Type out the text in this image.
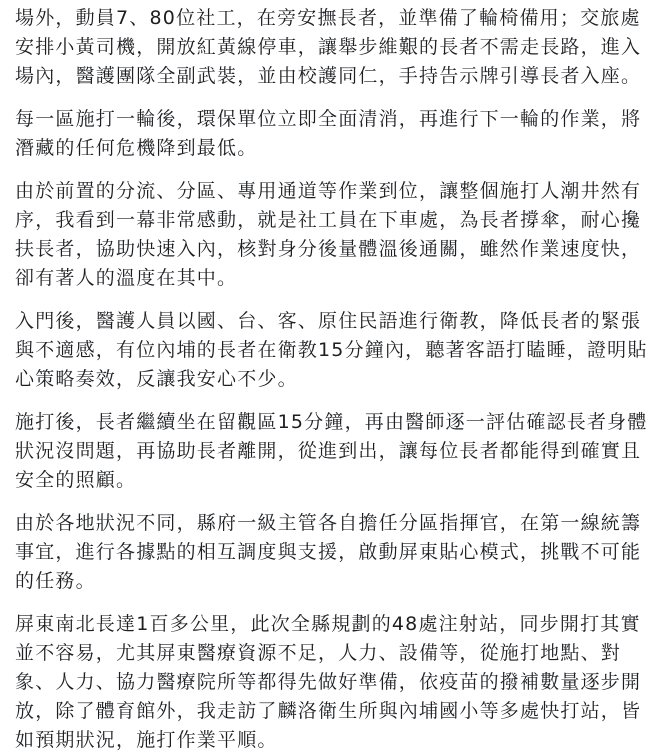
場外，動員7、80位社工，在旁安撫長者，並準備了輪椅備用；交旅處
安排小黃司機，開放紅黃線停車，讓舉步維艱的長者不需走長路，進入
場內，醫護團隊全副武裝，並由校護同仁，手持告示牌引導長者入座。

每一區施打一輪後，環保單位立即全面清消，再進行下一輪的作業，將
潛藏的任何危機降到最低。

由於前置的分流、分區、專用通道等作業到位，讓整個施打人潮井然有
序，我看到一幕非常感動，就是社工員在下車處，為長者撐傘，耐心攙
扶長者，協助快速入內，核對身分後量體溫後通關，雖然作業速度快，
卻有著人的溫度在其中。

入門後，醫護人員以國、台、客、原住民語進行衛教，降低長者的緊張
與不適感，有位內埔的長者在衛教15分鐘內，聽著客語打瞌睡，證明貼
心策略奏效，反讓我安心不少。

施打後，長者繼續坐在留觀區15分鐘，再由醫師逐一評估確認長者身體
狀況沒問題，再協助長者離開，從進到出，讓每位長者都能得到確實且
安全的照顧。

由於各地狀況不同，縣府一級主管各自擔任分區指揮官，在第一線統籌
事宜，進行各據點的相互調度與支援，啟動屏東貼心模式，挑戰不可能
的任務。

屏東南北長達1百多公里，此次全縣規劃的48處注射站，同步開打其實
並不容易，尤其屏東醫療資源不足，人力、設備等，從施打地點、對
象、人力、協力醫療院所等都得先做好準備，依疫苗的撥補數量逐步開
放，除了體育館外，我走訪了麟洛衛生所與內埔國小等多處快打站，皆
如預期狀況，施打作業平順。
